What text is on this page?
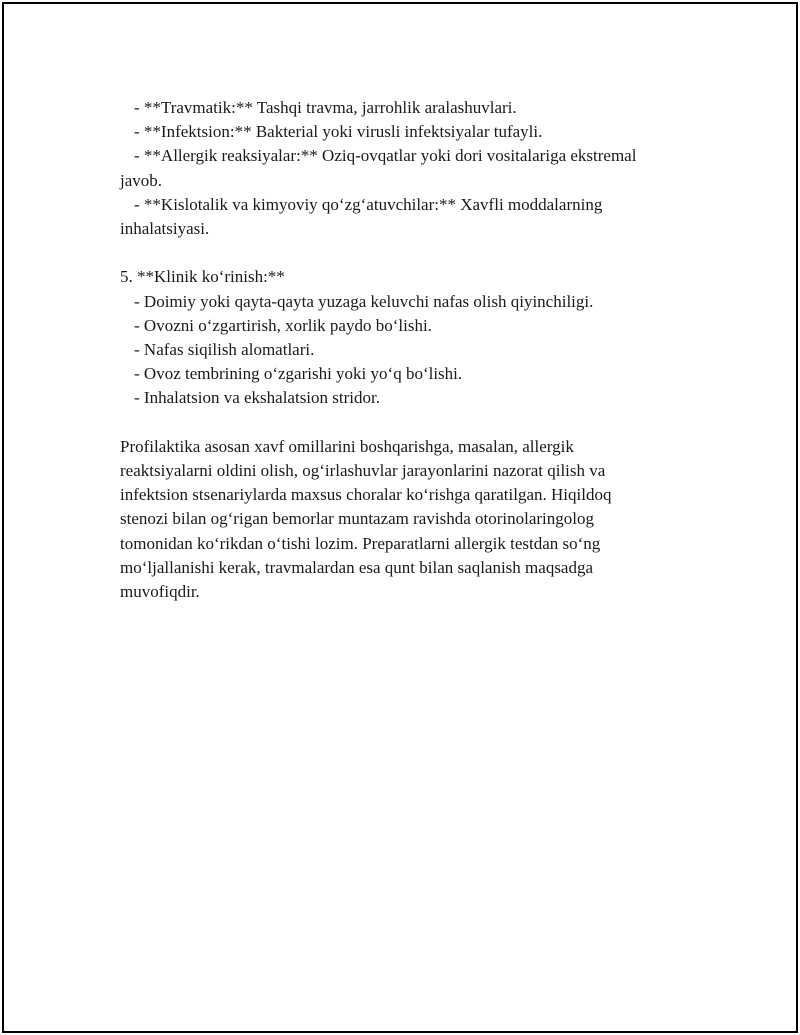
- **Travmatik:** Tashqi travma, jarrohlik aralashuvlari.

- **Infektsion:** Bakterial yoki virusli infektsiyalar tufayli.

- **Allergik reaksiyalar:** Oziq-ovqatlar yoki dori vositalariga ekstremal

javob.

- **Kislotalik va kimyoviy qo‘zg‘atuvchilar:** Xavfli moddalarning

inhalatsiyasi.

5. **Klinik ko‘rinish:**

- Doimiy yoki qayta-qayta yuzaga keluvchi nafas olish qiyinchiligi.

- Ovozni o‘zgartirish, xorlik paydo bo‘lishi.

- Nafas siqilish alomatlari.

- Ovoz tembrining o‘zgarishi yoki yo‘q bo‘lishi.

- Inhalatsion va ekshalatsion stridor.

Profilaktika asosan xavf omillarini boshqarishga, masalan, allergik

reaktsiyalarni oldini olish, og‘irlashuvlar jarayonlarini nazorat qilish va

infektsion stsenariylarda maxsus choralar ko‘rishga qaratilgan. Hiqildoq

stenozi bilan og‘rigan bemorlar muntazam ravishda otorinolaringolog

tomonidan ko‘rikdan o‘tishi lozim. Preparatlarni allergik testdan so‘ng

mo‘ljallanishi kerak, travmalardan esa qunt bilan saqlanish maqsadga

muvofiqdir.
